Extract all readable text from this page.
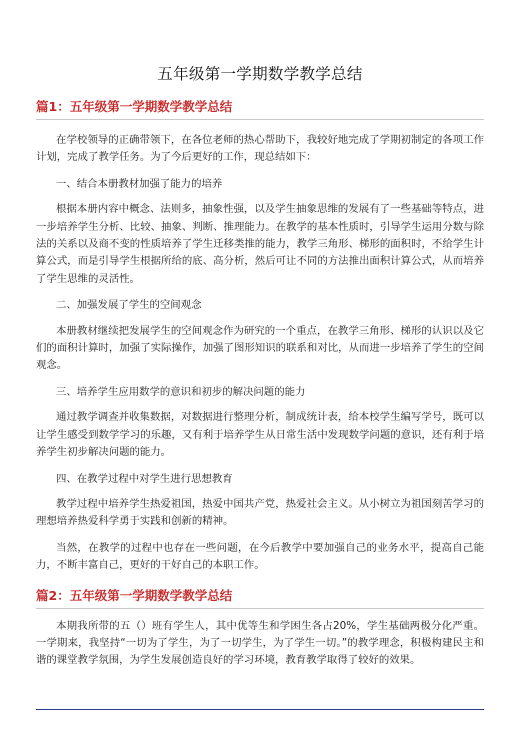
五年级第一学期数学教学总结
篇1：五年级第一学期数学教学总结

在学校领导的正确带领下，在各位老师的热心帮助下，我较好地完成了学期初制定的各项工作计划，完成了教学任务。为了今后更好的工作，现总结如下：

一、结合本册教材加强了能力的培养

根据本册内容中概念、法则多，抽象性强，以及学生抽象思维的发展有了一些基础等特点，进一步培养学生分析、比较、抽象、判断、推理能力。在教学的基本性质时，引导学生运用分数与除法的关系以及商不变的性质培养了学生迁移类推的能力，教学三角形、梯形的面积时，不给学生计算公式，而是引导学生根据所给的底、高分析，然后可让不同的方法推出面积计算公式，从而培养了学生思维的灵活性。

二、加强发展了学生的空间观念

本册教材继续把发展学生的空间观念作为研究的一个重点，在教学三角形、梯形的认识以及它们的面积计算时，加强了实际操作，加强了图形知识的联系和对比，从而进一步培养了学生的空间观念。

三、培养学生应用数学的意识和初步的解决问题的能力

通过教学调查并收集数据，对数据进行整理分析，制成统计表，给本校学生编写学号，既可以让学生感受到数学学习的乐趣，又有利于培养学生从日常生活中发现数学问题的意识，还有利于培养学生初步解决问题的能力。

四、在教学过程中对学生进行思想教育

教学过程中培养学生热爱祖国，热爱中国共产党，热爱社会主义。从小树立为祖国刻苦学习的理想培养热爱科学勇于实践和创新的精神。

当然，在教学的过程中也存在一些问题，在今后教学中要加强自己的业务水平，提高自己能力，不断丰富自己，更好的干好自己的本职工作。

篇2：五年级第一学期数学教学总结

本期我所带的五（）班有学生人，其中优等生和学困生各占20%，学生基础两极分化严重。一学期来，我坚持“一切为了学生，为了一切学生，为了学生一切。”的教学理念，积极构建民主和谐的课堂教学氛围，为学生发展创造良好的学习环境，教育教学取得了较好的效果。
